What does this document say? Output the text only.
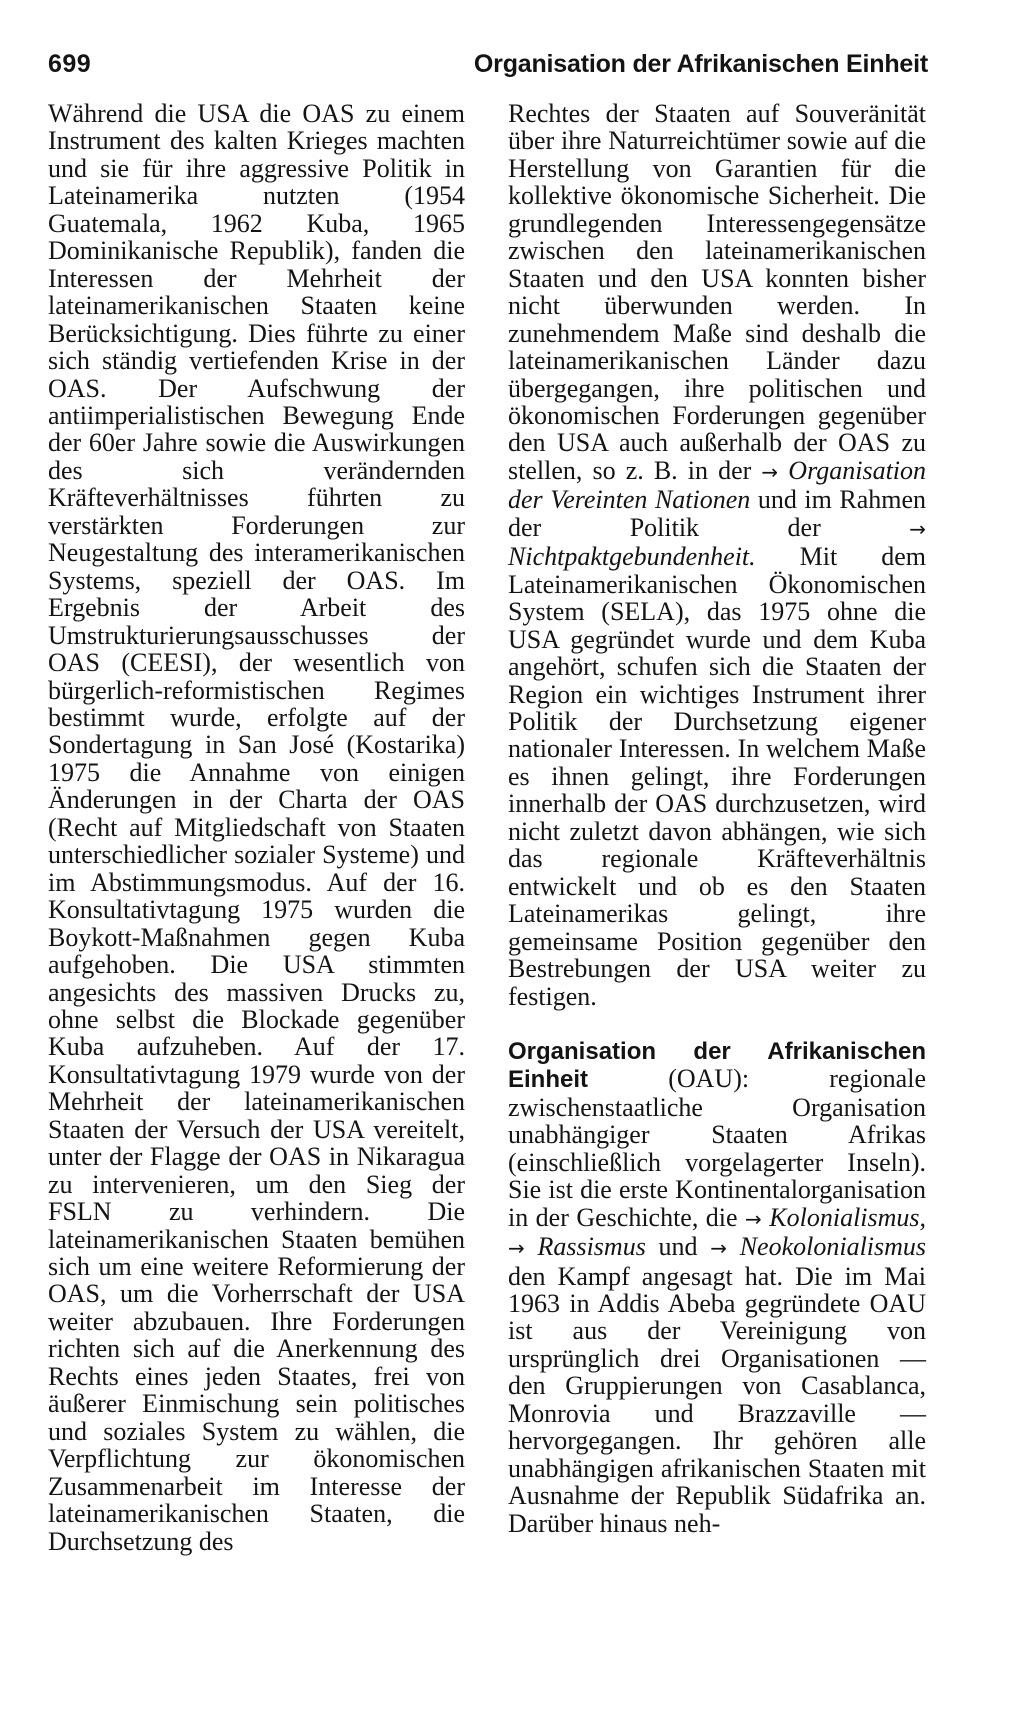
699	Organisation der Afrikanischen Einheit

Während die USA die OAS zu einem Instrument des kalten Krieges machten und sie für ihre aggressive Politik in Lateinamerika nutzten (1954 Guatemala, 1962 Kuba, 1965 Dominikanische Republik), fanden die Interessen der Mehrheit der lateinamerikanischen Staaten keine Berücksichtigung. Dies führte zu einer sich ständig vertiefenden Krise in der OAS. Der Aufschwung der antiimperialistischen Bewegung Ende der 60er Jahre sowie die Auswirkungen des sich verändernden Kräfteverhältnisses führten zu verstärkten Forderungen zur Neugestaltung des interamerikanischen Systems, speziell der OAS. Im Ergebnis der Arbeit des Umstrukturierungsausschusses der OAS (CEESI), der wesentlich von bürgerlich-reformistischen Regimes bestimmt wurde, erfolgte auf der Sondertagung in San José (Kostarika) 1975 die Annahme von einigen Änderungen in der Charta der OAS (Recht auf Mitgliedschaft von Staaten unterschiedlicher sozialer Systeme) und im Abstimmungsmodus. Auf der 16. Konsultativtagung 1975 wurden die Boykott-Maßnahmen gegen Kuba aufgehoben. Die USA stimmten angesichts des massiven Drucks zu, ohne selbst die Blockade gegenüber Kuba aufzuheben. Auf der 17. Konsultativtagung 1979 wurde von der Mehrheit der lateinamerikanischen Staaten der Versuch der USA vereitelt, unter der Flagge der OAS in Nikaragua zu intervenieren, um den Sieg der FSLN zu verhindern. Die lateinamerikanischen Staaten bemühen sich um eine weitere Reformierung der OAS, um die Vorherrschaft der USA weiter abzubauen. Ihre Forderungen richten sich auf die Anerkennung des Rechts eines jeden Staates, frei von äußerer Einmischung sein politisches und soziales System zu wählen, die Verpflichtung zur ökonomischen Zusammenarbeit im Interesse der lateinamerikanischen Staaten, die Durchsetzung des

Rechtes der Staaten auf Souveränität über ihre Naturreichtümer sowie auf die Herstellung von Garantien für die kollektive ökonomische Sicherheit. Die grundlegenden Interessengegensätze zwischen den lateinamerikanischen Staaten und den USA konnten bisher nicht überwunden werden. In zunehmendem Maße sind deshalb die lateinamerikanischen Länder dazu übergegangen, ihre politischen und ökonomischen Forderungen gegenüber den USA auch außerhalb der OAS zu stellen, so z. B. in der → Organisation der Vereinten Nationen und im Rahmen der Politik der	→ Nichtpaktgebundenheit. Mit dem Lateinamerikanischen Ökonomischen System (SELA), das 1975 ohne die USA gegründet wurde und dem Kuba angehört, schufen sich die Staaten der Region ein wichtiges Instrument ihrer Politik der Durchsetzung eigener nationaler Interessen. In welchem Maße es ihnen gelingt, ihre Forderungen innerhalb der OAS durchzusetzen, wird nicht zuletzt davon abhängen, wie sich das regionale Kräfteverhältnis entwickelt und ob es den Staaten Lateinamerikas gelingt, ihre gemeinsame Position gegenüber den Bestrebungen der USA weiter zu festigen.

Organisation der Afrikanischen Einheit	(OAU): regionale zwischenstaatliche Organisation unabhängiger Staaten Afrikas (einschließlich vorgelagerter Inseln). Sie ist die erste Kontinentalorganisation in der Geschichte, die → Kolonialismus, → Rassismus und → Neokolonialismus den Kampf angesagt hat. Die im Mai 1963 in Addis Abeba gegründete OAU ist aus der Vereinigung von ursprünglich drei Organisationen — den Gruppierungen von Casablanca, Monrovia und Brazzaville — hervorgegangen. Ihr gehören alle unabhängigen afrikanischen Staaten mit Ausnahme der Republik Südafrika an. Darüber hinaus neh-
